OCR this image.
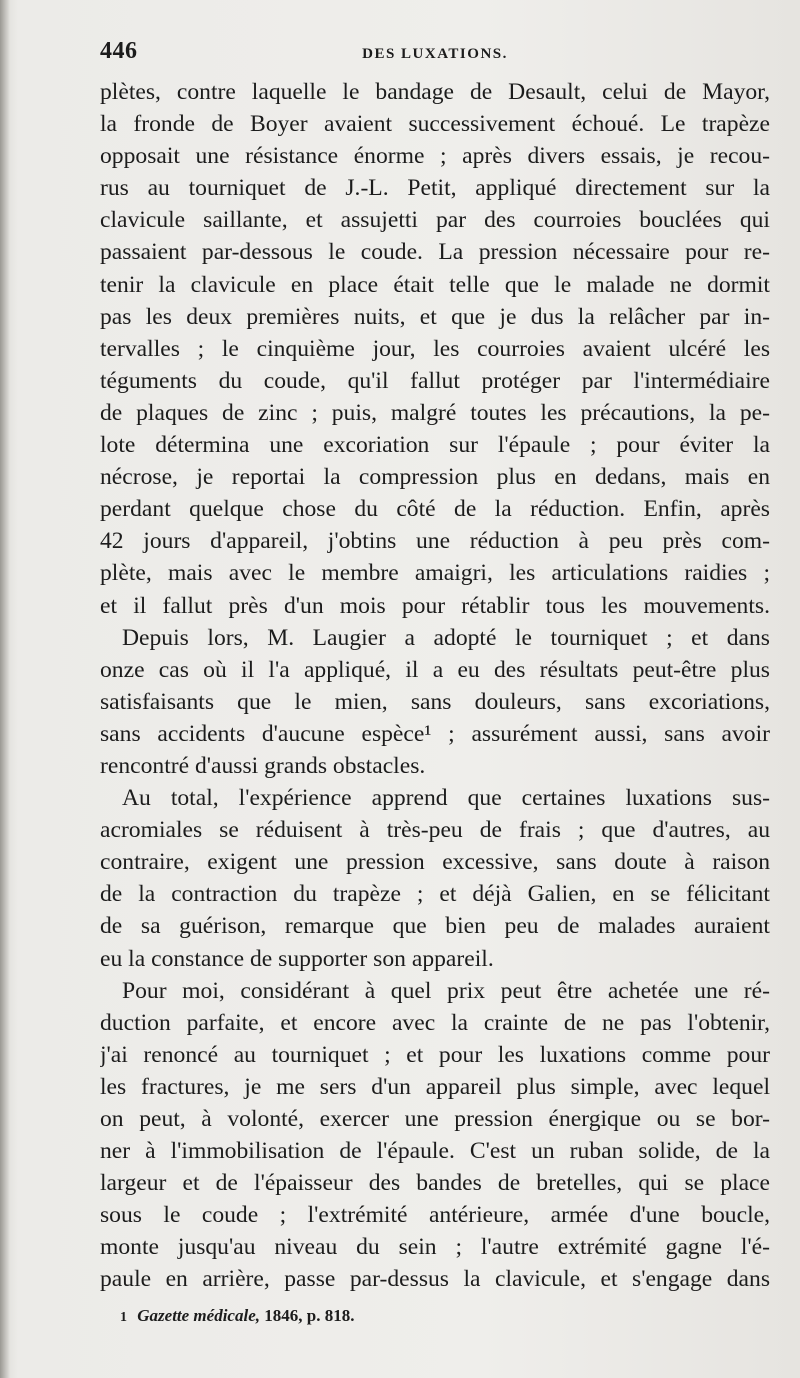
446	DES LUXATIONS.
plètes, contre laquelle le bandage de Desault, celui de Mayor,
la fronde de Boyer avaient successivement échoué. Le trapèze
opposait une résistance énorme ; après divers essais, je recou-
rus au tourniquet de J.-L. Petit, appliqué directement sur la
clavicule saillante, et assujetti par des courroies bouclées qui
passaient par-dessous le coude. La pression nécessaire pour re-
tenir la clavicule en place était telle que le malade ne dormit
pas les deux premières nuits, et que je dus la relâcher par in-
tervalles ; le cinquième jour, les courroies avaient ulcéré les
téguments du coude, qu'il fallut protéger par l'intermédiaire
de plaques de zinc ; puis, malgré toutes les précautions, la pe-
lote détermina une excoriation sur l'épaule ; pour éviter la
nécrose, je reportai la compression plus en dedans, mais en
perdant quelque chose du côté de la réduction. Enfin, après
42 jours d'appareil, j'obtins une réduction à peu près com-
plète, mais avec le membre amaigri, les articulations raidies ;
et il fallut près d'un mois pour rétablir tous les mouvements.
Depuis lors, M. Laugier a adopté le tourniquet ; et dans
onze cas où il l'a appliqué, il a eu des résultats peut-être plus
satisfaisants que le mien, sans douleurs, sans excoriations,
sans accidents d'aucune espèce¹ ; assurément aussi, sans avoir
rencontré d'aussi grands obstacles.
Au total, l'expérience apprend que certaines luxations sus-
acromiales se réduisent à très-peu de frais ; que d'autres, au
contraire, exigent une pression excessive, sans doute à raison
de la contraction du trapèze ; et déjà Galien, en se félicitant
de sa guérison, remarque que bien peu de malades auraient
eu la constance de supporter son appareil.
Pour moi, considérant à quel prix peut être achetée une ré-
duction parfaite, et encore avec la crainte de ne pas l'obtenir,
j'ai renoncé au tourniquet ; et pour les luxations comme pour
les fractures, je me sers d'un appareil plus simple, avec lequel
on peut, à volonté, exercer une pression énergique ou se bor-
ner à l'immobilisation de l'épaule. C'est un ruban solide, de la
largeur et de l'épaisseur des bandes de bretelles, qui se place
sous le coude ; l'extrémité antérieure, armée d'une boucle,
monte jusqu'au niveau du sein ; l'autre extrémité gagne l'é-
paule en arrière, passe par-dessus la clavicule, et s'engage dans
1 Gazette médicale, 1846, p. 818.
